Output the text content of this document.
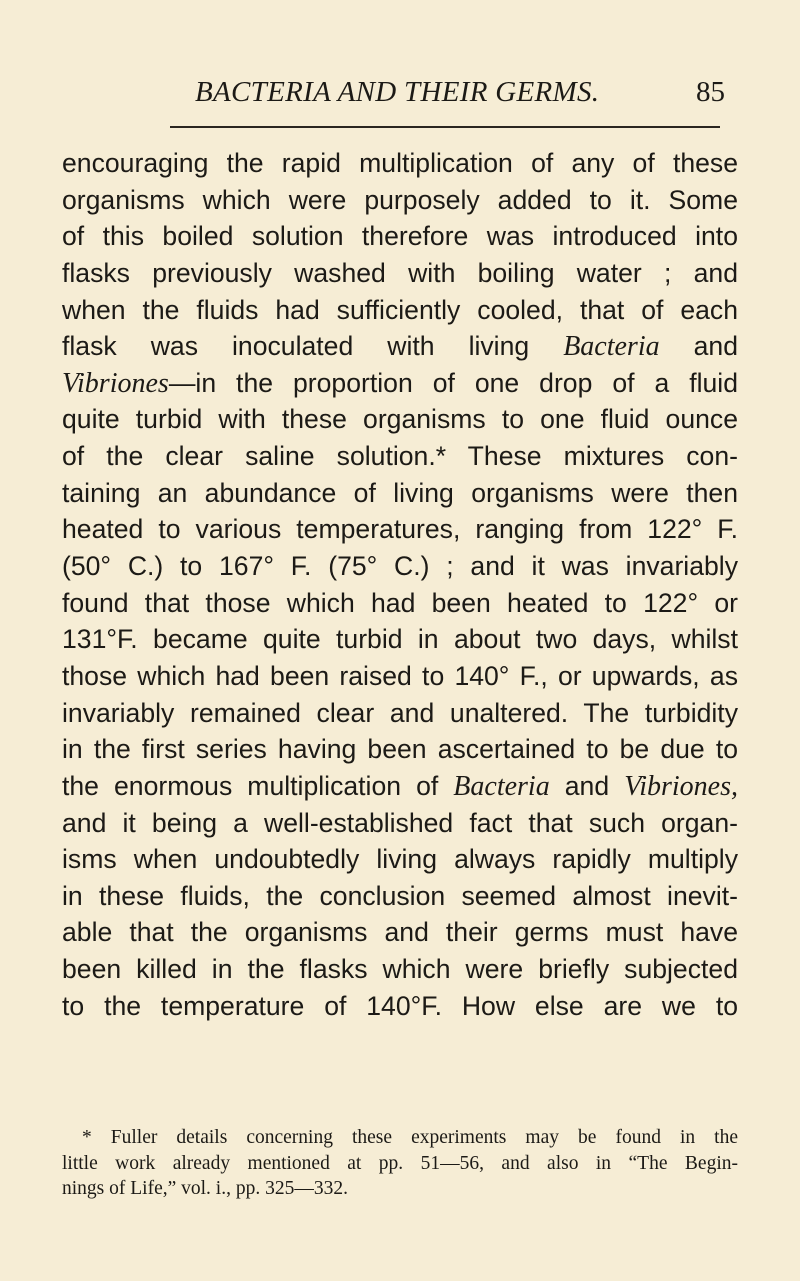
BACTERIA AND THEIR GERMS.	85
encouraging the rapid multiplication of any of these
organisms which were purposely added to it. Some
of this boiled solution therefore was introduced into
flasks previously washed with boiling water ; and
when the fluids had sufficiently cooled, that of each
flask was inoculated with living Bacteria and
Vibriones—in the proportion of one drop of a fluid
quite turbid with these organisms to one fluid ounce
of the clear saline solution.* These mixtures con-
taining an abundance of living organisms were then
heated to various temperatures, ranging from 122° F.
(50° C.) to 167° F. (75° C.) ; and it was invariably
found that those which had been heated to 122° or
131°F. became quite turbid in about two days, whilst
those which had been raised to 140° F., or upwards, as
invariably remained clear and unaltered. The turbidity
in the first series having been ascertained to be due to
the enormous multiplication of Bacteria and Vibriones,
and it being a well-established fact that such organ-
isms when undoubtedly living always rapidly multiply
in these fluids, the conclusion seemed almost inevit-
able that the organisms and their germs must have
been killed in the flasks which were briefly subjected
to the temperature of 140°F. How else are we to
* Fuller details concerning these experiments may be found in the
little work already mentioned at pp. 51—56, and also in “The Begin-
nings of Life,” vol. i., pp. 325—332.
